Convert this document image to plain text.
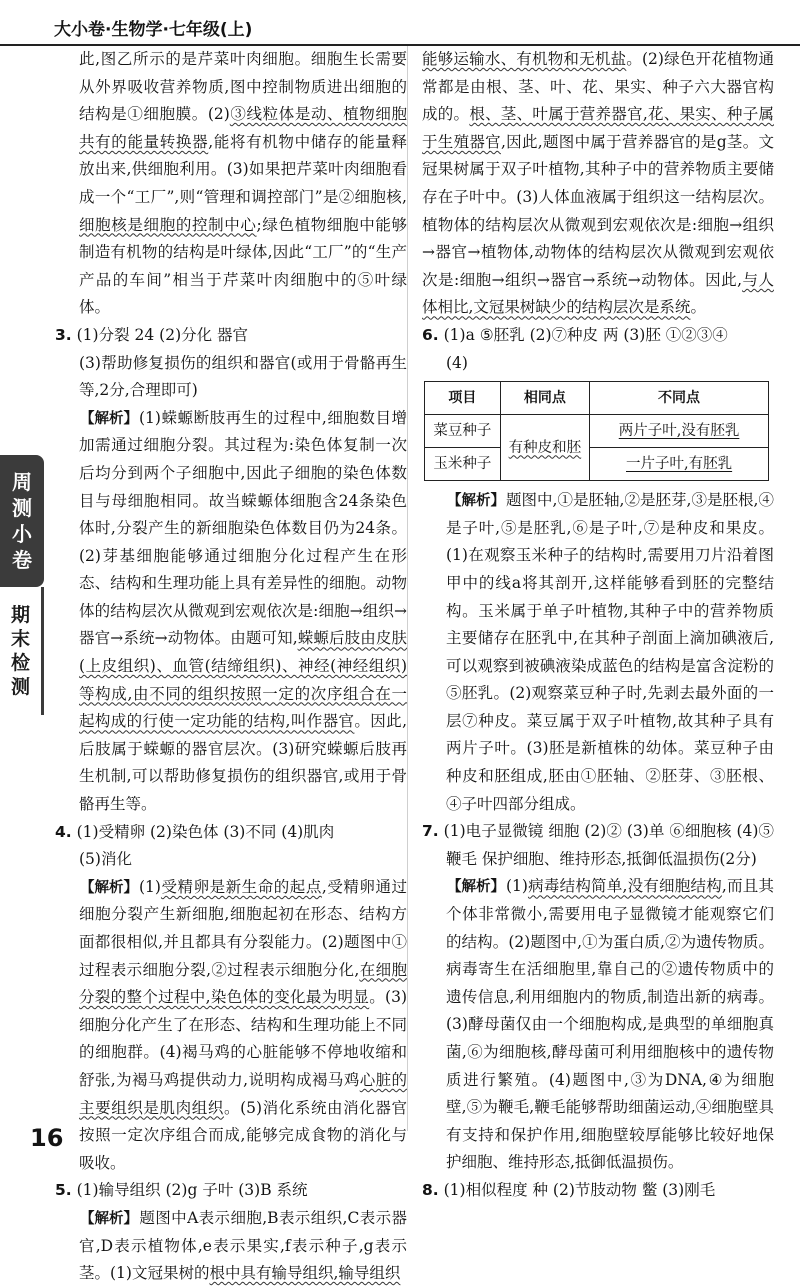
大小卷·生物学·七年级(上)
周测小卷
期末检测

此,图乙所示的是芹菜叶肉细胞。细胞生长需要从外界吸收营养物质,图中控制物质进出细胞的结构是①细胞膜。(2)③线粒体是动、植物细胞共有的能量转换器,能将有机物中储存的能量释放出来,供细胞利用。(3)如果把芹菜叶肉细胞看成一个“工厂”,则“管理和调控部门”是②细胞核,细胞核是细胞的控制中心;绿色植物细胞中能够制造有机物的结构是叶绿体,因此“工厂”的“生产产品的车间”相当于芹菜叶肉细胞中的⑤叶绿体。

3. (1)分裂 24 (2)分化 器官

(3)帮助修复损伤的组织和器官(或用于骨骼再生等,2分,合理即可)

【解析】(1)蝾螈断肢再生的过程中,细胞数目增加需通过细胞分裂。其过程为:染色体复制一次后均分到两个子细胞中,因此子细胞的染色体数目与母细胞相同。故当蝾螈体细胞含24条染色体时,分裂产生的新细胞染色体数目仍为24条。(2)芽基细胞能够通过细胞分化过程产生在形态、结构和生理功能上具有差异性的细胞。动物体的结构层次从微观到宏观依次是:细胞→组织→器官→系统→动物体。由题可知,蝾螈后肢由皮肤(上皮组织)、血管(结缔组织)、神经(神经组织)等构成,由不同的组织按照一定的次序组合在一起构成的行使一定功能的结构,叫作器官。因此,后肢属于蝾螈的器官层次。(3)研究蝾螈后肢再生机制,可以帮助修复损伤的组织器官,或用于骨骼再生等。

4. (1)受精卵 (2)染色体 (3)不同 (4)肌肉

(5)消化

【解析】(1)受精卵是新生命的起点,受精卵通过细胞分裂产生新细胞,细胞起初在形态、结构方面都很相似,并且都具有分裂能力。(2)题图中①过程表示细胞分裂,②过程表示细胞分化,在细胞分裂的整个过程中,染色体的变化最为明显。(3)细胞分化产生了在形态、结构和生理功能上不同的细胞群。(4)褐马鸡的心脏能够不停地收缩和舒张,为褐马鸡提供动力,说明构成褐马鸡心脏的主要组织是肌肉组织。(5)消化系统由消化器官按照一定次序组合而成,能够完成食物的消化与吸收。

5. (1)输导组织 (2)g 子叶 (3)B 系统

【解析】题图中A表示细胞,B表示组织,C表示器官,D表示植物体,e表示果实,f表示种子,g表示茎。(1)文冠果树的根中具有输导组织,输导组织

能够运输水、有机物和无机盐。(2)绿色开花植物通常都是由根、茎、叶、花、果实、种子六大器官构成的。根、茎、叶属于营养器官,花、果实、种子属于生殖器官,因此,题图中属于营养器官的是g茎。文冠果树属于双子叶植物,其种子中的营养物质主要储存在子叶中。(3)人体血液属于组织这一结构层次。植物体的结构层次从微观到宏观依次是:细胞→组织→器官→植物体,动物体的结构层次从微观到宏观依次是:细胞→组织→器官→系统→动物体。因此,与人体相比,文冠果树缺少的结构层次是系统。

6. (1)a ⑤胚乳 (2)⑦种皮 两 (3)胚 ①②③④

(4)

项目	相同点	不同点
菜豆种子	有种皮和胚	两片子叶,没有胚乳
玉米种子		一片子叶,有胚乳

【解析】题图中,①是胚轴,②是胚芽,③是胚根,④是子叶,⑤是胚乳,⑥是子叶,⑦是种皮和果皮。(1)在观察玉米种子的结构时,需要用刀片沿着图甲中的线a将其剖开,这样能够看到胚的完整结构。玉米属于单子叶植物,其种子中的营养物质主要储存在胚乳中,在其种子剖面上滴加碘液后,可以观察到被碘液染成蓝色的结构是富含淀粉的⑤胚乳。(2)观察菜豆种子时,先剥去最外面的一层⑦种皮。菜豆属于双子叶植物,故其种子具有两片子叶。(3)胚是新植株的幼体。菜豆种子由种皮和胚组成,胚由①胚轴、②胚芽、③胚根、④子叶四部分组成。

7. (1)电子显微镜 细胞 (2)② (3)单 ⑥细胞核 (4)⑤鞭毛 保护细胞、维持形态,抵御低温损伤(2分)

【解析】(1)病毒结构简单,没有细胞结构,而且其个体非常微小,需要用电子显微镜才能观察它们的结构。(2)题图中,①为蛋白质,②为遗传物质。病毒寄生在活细胞里,靠自己的②遗传物质中的遗传信息,利用细胞内的物质,制造出新的病毒。(3)酵母菌仅由一个细胞构成,是典型的单细胞真菌,⑥为细胞核,酵母菌可利用细胞核中的遗传物质进行繁殖。(4)题图中,③为DNA,④为细胞壁,⑤为鞭毛,鞭毛能够帮助细菌运动,④细胞壁具有支持和保护作用,细胞壁较厚能够比较好地保护细胞、维持形态,抵御低温损伤。

8. (1)相似程度 种 (2)节肢动物 鳖 (3)刚毛

16
